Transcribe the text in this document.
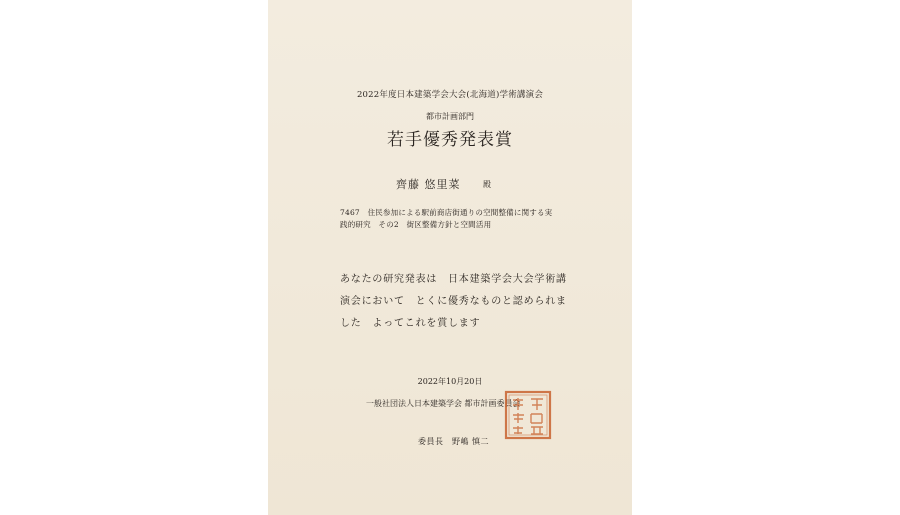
2022年度日本建築学会大会(北海道)学術講演会
都市計画部門
若手優秀発表賞
齊藤 悠里菜	殿
7467　住民参加による駅前商店街通りの空間整備に関する実
践的研究　その2　街区整備方針と空間活用
あなたの研究発表は　日本建築学会大会学術講
演会において　とくに優秀なものと認められま
した　よってこれを賞します
2022年10月20日
一般社団法人日本建築学会 都市計画委員会
委員長　野嶋 慎二
